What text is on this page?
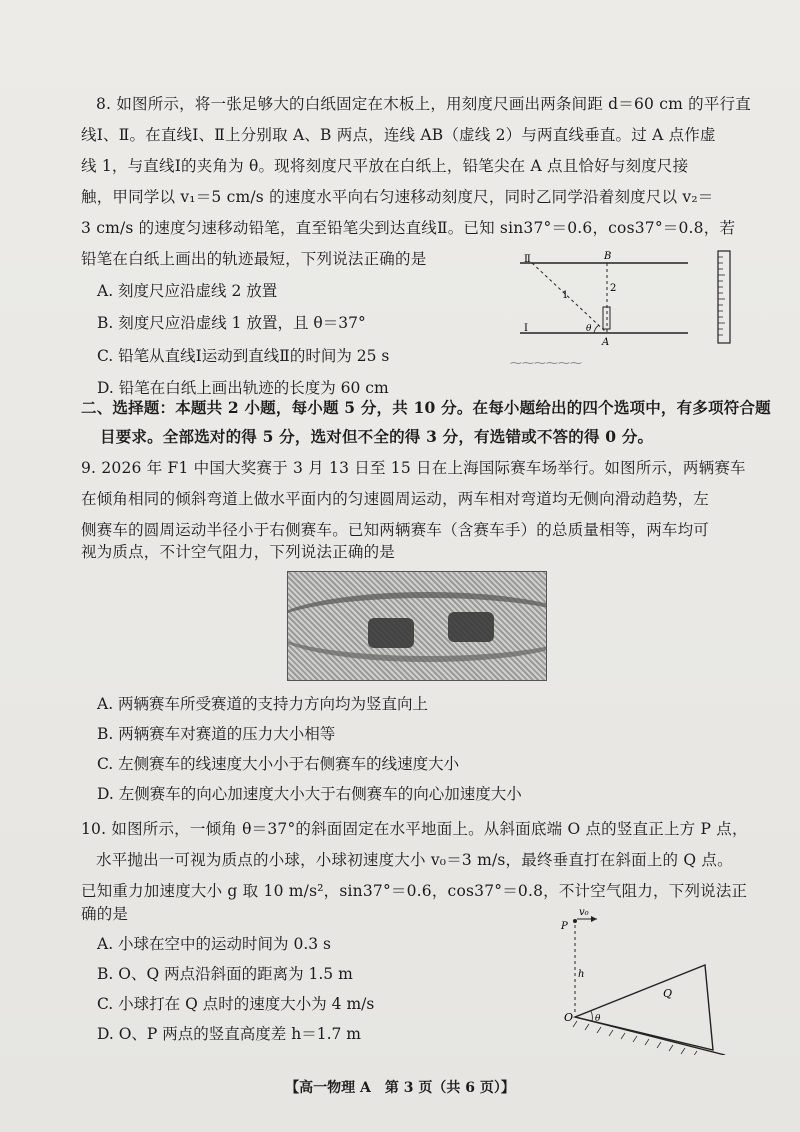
8. 如图所示，将一张足够大的白纸固定在木板上，用刻度尺画出两条间距 d＝60 cm 的平行直
线Ⅰ、Ⅱ。在直线Ⅰ、Ⅱ上分别取 A、B 两点，连线 AB（虚线 2）与两直线垂直。过 A 点作虚
线 1，与直线Ⅰ的夹角为 θ。现将刻度尺平放在白纸上，铅笔尖在 A 点且恰好与刻度尺接
触，甲同学以 v₁＝5 cm/s 的速度水平向右匀速移动刻度尺，同时乙同学沿着刻度尺以 v₂＝
3 cm/s 的速度匀速移动铅笔，直至铅笔尖到达直线Ⅱ。已知 sin37°＝0.6，cos37°＝0.8，若
铅笔在白纸上画出的轨迹最短，下列说法正确的是
A. 刻度尺应沿虚线 2 放置
B. 刻度尺应沿虚线 1 放置，且 θ＝37°
C. 铅笔从直线Ⅰ运动到直线Ⅱ的时间为 25 s
D. 铅笔在白纸上画出轨迹的长度为 60 cm
Ⅱ
Ⅰ
B
A
1
2
θ
⁓⁓⁓⁓⁓⁓
二、选择题：本题共 2 小题，每小题 5 分，共 10 分。在每小题给出的四个选项中，有多项符合题
目要求。全部选对的得 5 分，选对但不全的得 3 分，有选错或不答的得 0 分。
9. 2026 年 F1 中国大奖赛于 3 月 13 日至 15 日在上海国际赛车场举行。如图所示，两辆赛车
在倾角相同的倾斜弯道上做水平面内的匀速圆周运动，两车相对弯道均无侧向滑动趋势，左
侧赛车的圆周运动半径小于右侧赛车。已知两辆赛车（含赛车手）的总质量相等，两车均可
视为质点，不计空气阻力，下列说法正确的是
A. 两辆赛车所受赛道的支持力方向均为竖直向上
B. 两辆赛车对赛道的压力大小相等
C. 左侧赛车的线速度大小小于右侧赛车的线速度大小
D. 左侧赛车的向心加速度大小大于右侧赛车的向心加速度大小
10. 如图所示，一倾角 θ＝37°的斜面固定在水平地面上。从斜面底端 O 点的竖直正上方 P 点，
水平抛出一可视为质点的小球，小球初速度大小 v₀＝3 m/s，最终垂直打在斜面上的 Q 点。
已知重力加速度大小 g 取 10 m/s²，sin37°＝0.6，cos37°＝0.8，不计空气阻力，下列说法正
确的是
A. 小球在空中的运动时间为 0.3 s
B. O、Q 两点沿斜面的距离为 1.5 m
C. 小球打在 Q 点时的速度大小为 4 m/s
D. O、P 两点的竖直高度差 h＝1.7 m
v₀
P
h
Q
O θ
【高一物理 A　第 3 页（共 6 页）】
